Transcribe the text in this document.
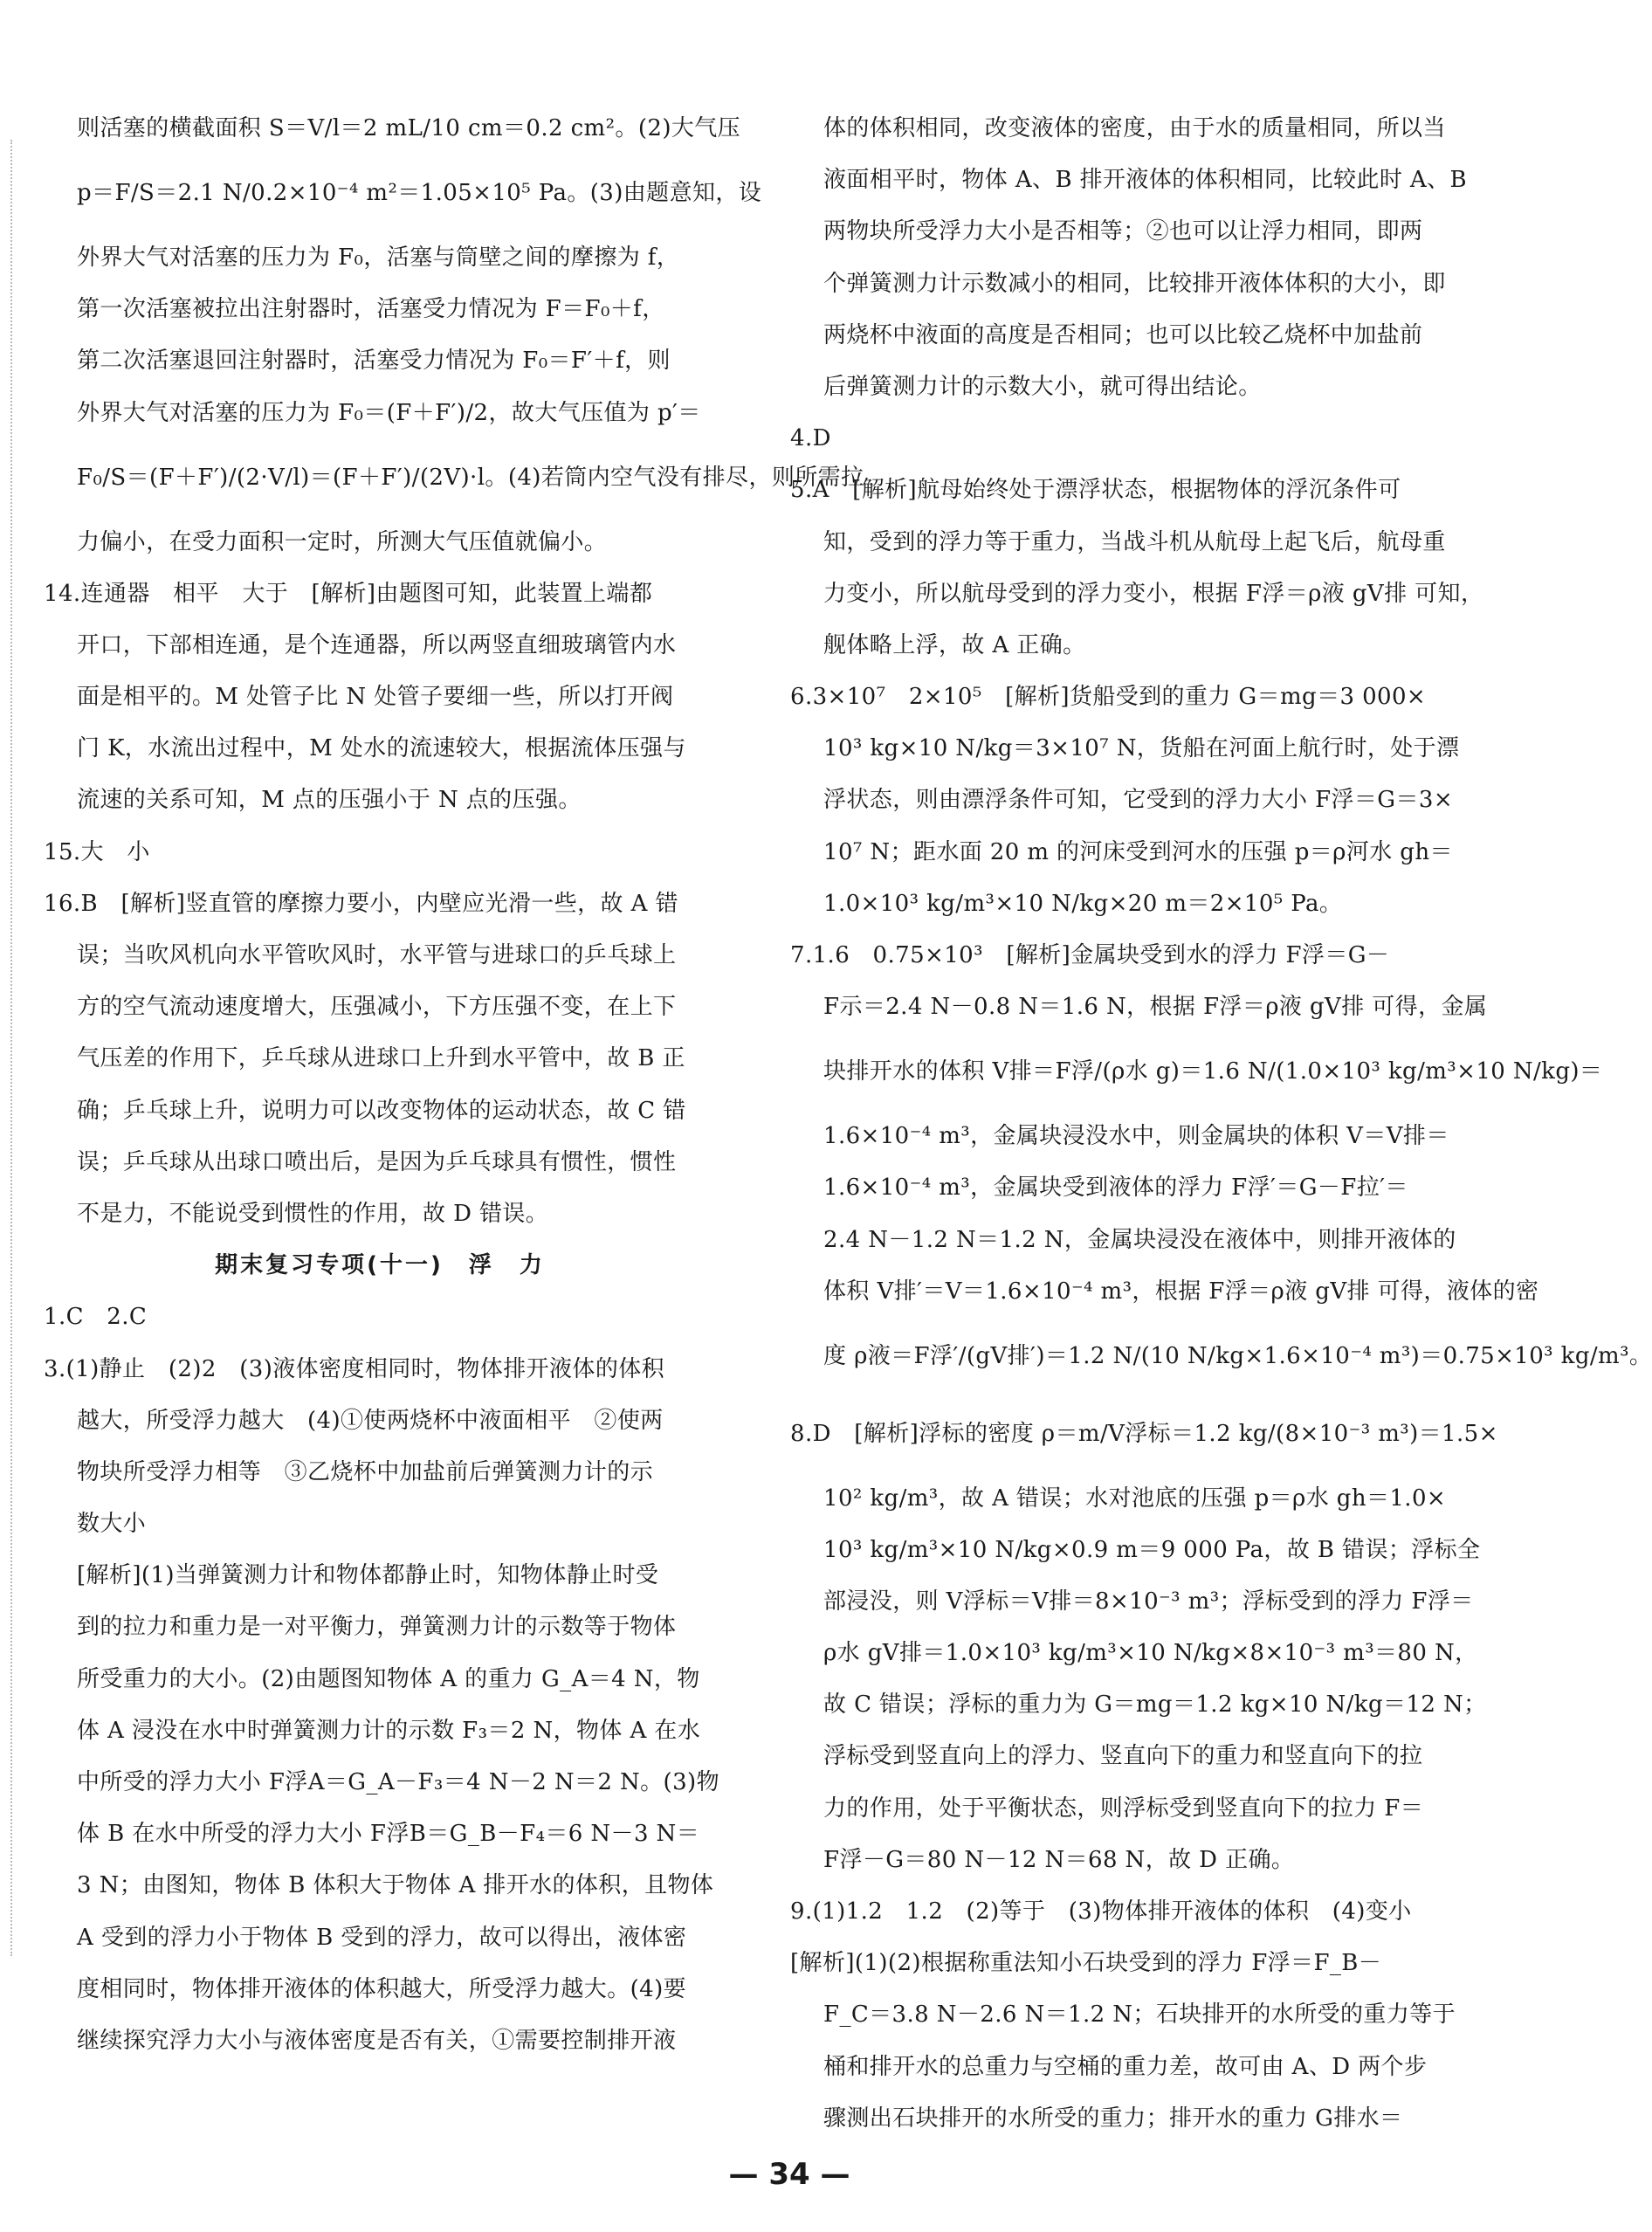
则活塞的横截面积 S＝V/l＝2 mL/10 cm＝0.2 cm²。(2)大气压
p＝F/S＝2.1 N/0.2×10⁻⁴ m²＝1.05×10⁵ Pa。(3)由题意知，设
外界大气对活塞的压力为 F₀，活塞与筒壁之间的摩擦为 f，
第一次活塞被拉出注射器时，活塞受力情况为 F＝F₀＋f，
第二次活塞退回注射器时，活塞受力情况为 F₀＝F′＋f，则
外界大气对活塞的压力为 F₀＝(F＋F′)/2，故大气压值为 p′＝
F₀/S＝(F＋F′)/(2·V/l)＝(F＋F′)/(2V)·l。(4)若筒内空气没有排尽，则所需拉
力偏小，在受力面积一定时，所测大气压值就偏小。
14.连通器　相平　大于　[解析]由题图可知，此装置上端都
开口，下部相连通，是个连通器，所以两竖直细玻璃管内水
面是相平的。M 处管子比 N 处管子要细一些，所以打开阀
门 K，水流出过程中，M 处水的流速较大，根据流体压强与
流速的关系可知，M 点的压强小于 N 点的压强。
15.大　小
16.B　[解析]竖直管的摩擦力要小，内壁应光滑一些，故 A 错
误；当吹风机向水平管吹风时，水平管与进球口的乒乓球上
方的空气流动速度增大，压强减小，下方压强不变，在上下
气压差的作用下，乒乓球从进球口上升到水平管中，故 B 正
确；乒乓球上升，说明力可以改变物体的运动状态，故 C 错
误；乒乓球从出球口喷出后，是因为乒乓球具有惯性，惯性
不是力，不能说受到惯性的作用，故 D 错误。
期末复习专项(十一)　浮　力
1.C　2.C
3.(1)静止　(2)2　(3)液体密度相同时，物体排开液体的体积
越大，所受浮力越大　(4)①使两烧杯中液面相平　②使两
物块所受浮力相等　③乙烧杯中加盐前后弹簧测力计的示
数大小
[解析](1)当弹簧测力计和物体都静止时，知物体静止时受
到的拉力和重力是一对平衡力，弹簧测力计的示数等于物体
所受重力的大小。(2)由题图知物体 A 的重力 G_A＝4 N，物
体 A 浸没在水中时弹簧测力计的示数 F₃＝2 N，物体 A 在水
中所受的浮力大小 F浮A＝G_A－F₃＝4 N－2 N＝2 N。(3)物
体 B 在水中所受的浮力大小 F浮B＝G_B－F₄＝6 N－3 N＝
3 N；由图知，物体 B 体积大于物体 A 排开水的体积，且物体
A 受到的浮力小于物体 B 受到的浮力，故可以得出，液体密
度相同时，物体排开液体的体积越大，所受浮力越大。(4)要
继续探究浮力大小与液体密度是否有关，①需要控制排开液
体的体积相同，改变液体的密度，由于水的质量相同，所以当
液面相平时，物体 A、B 排开液体的体积相同，比较此时 A、B
两物块所受浮力大小是否相等；②也可以让浮力相同，即两
个弹簧测力计示数减小的相同，比较排开液体体积的大小，即
两烧杯中液面的高度是否相同；也可以比较乙烧杯中加盐前
后弹簧测力计的示数大小，就可得出结论。
4.D
5.A　[解析]航母始终处于漂浮状态，根据物体的浮沉条件可
知，受到的浮力等于重力，当战斗机从航母上起飞后，航母重
力变小，所以航母受到的浮力变小，根据 F浮＝ρ液 gV排 可知，
舰体略上浮，故 A 正确。
6.3×10⁷　2×10⁵　[解析]货船受到的重力 G＝mg＝3 000×
10³ kg×10 N/kg＝3×10⁷ N，货船在河面上航行时，处于漂
浮状态，则由漂浮条件可知，它受到的浮力大小 F浮＝G＝3×
10⁷ N；距水面 20 m 的河床受到河水的压强 p＝ρ河水 gh＝
1.0×10³ kg/m³×10 N/kg×20 m＝2×10⁵ Pa。
7.1.6　0.75×10³　[解析]金属块受到水的浮力 F浮＝G－
F示＝2.4 N－0.8 N＝1.6 N，根据 F浮＝ρ液 gV排 可得，金属
块排开水的体积 V排＝F浮/(ρ水 g)＝1.6 N/(1.0×10³ kg/m³×10 N/kg)＝
1.6×10⁻⁴ m³，金属块浸没水中，则金属块的体积 V＝V排＝
1.6×10⁻⁴ m³，金属块受到液体的浮力 F浮′＝G－F拉′＝
2.4 N－1.2 N＝1.2 N，金属块浸没在液体中，则排开液体的
体积 V排′＝V＝1.6×10⁻⁴ m³，根据 F浮＝ρ液 gV排 可得，液体的密
度 ρ液＝F浮′/(gV排′)＝1.2 N/(10 N/kg×1.6×10⁻⁴ m³)＝0.75×10³ kg/m³。
8.D　[解析]浮标的密度 ρ＝m/V浮标＝1.2 kg/(8×10⁻³ m³)＝1.5×
10² kg/m³，故 A 错误；水对池底的压强 p＝ρ水 gh＝1.0×
10³ kg/m³×10 N/kg×0.9 m＝9 000 Pa，故 B 错误；浮标全
部浸没，则 V浮标＝V排＝8×10⁻³ m³；浮标受到的浮力 F浮＝
ρ水 gV排＝1.0×10³ kg/m³×10 N/kg×8×10⁻³ m³＝80 N，
故 C 错误；浮标的重力为 G＝mg＝1.2 kg×10 N/kg＝12 N；
浮标受到竖直向上的浮力、竖直向下的重力和竖直向下的拉
力的作用，处于平衡状态，则浮标受到竖直向下的拉力 F＝
F浮－G＝80 N－12 N＝68 N，故 D 正确。
9.(1)1.2　1.2　(2)等于　(3)物体排开液体的体积　(4)变小
[解析](1)(2)根据称重法知小石块受到的浮力 F浮＝F_B－
F_C＝3.8 N－2.6 N＝1.2 N；石块排开的水所受的重力等于
桶和排开水的总重力与空桶的重力差，故可由 A、D 两个步
骤测出石块排开的水所受的重力；排开水的重力 G排水＝
— 34 —
